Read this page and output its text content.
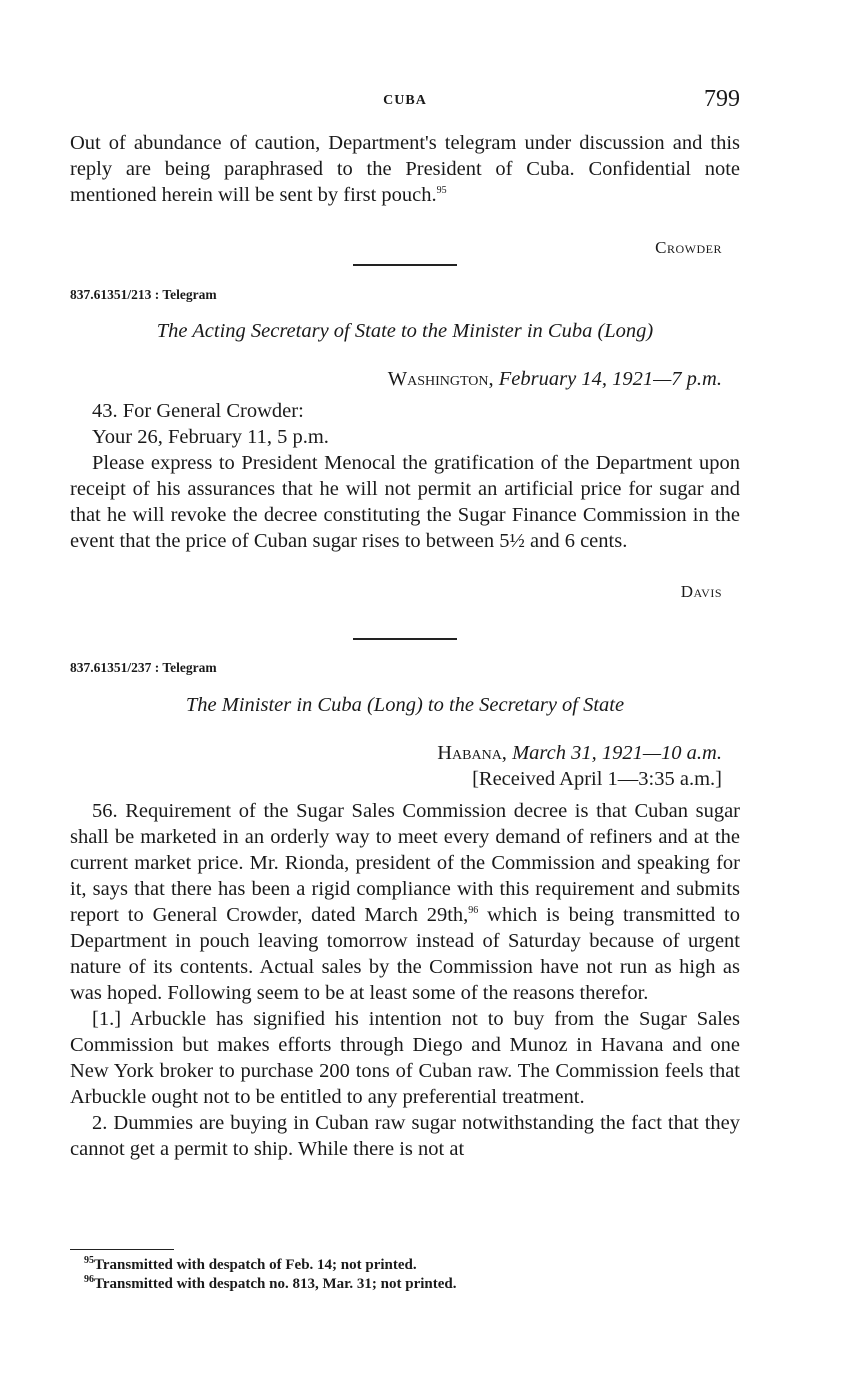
CUBA	799

Out of abundance of caution, Department's telegram under discussion and this reply are being paraphrased to the President of Cuba. Confidential note mentioned herein will be sent by first pouch.$^{95}$

Crowder
837.61351/213 : Telegram
The Acting Secretary of State to the Minister in Cuba (Long)
Washington, February 14, 1921—7 p.m.

43. For General Crowder:

Your 26, February 11, 5 p.m.

Please express to President Menocal the gratification of the Department upon receipt of his assurances that he will not permit an artificial price for sugar and that he will revoke the decree constituting the Sugar Finance Commission in the event that the price of Cuban sugar rises to between 5½ and 6 cents.

Davis
837.61351/237 : Telegram
The Minister in Cuba (Long) to the Secretary of State
Habana, March 31, 1921—10 a.m.
[Received April 1—3:35 a.m.]

56. Requirement of the Sugar Sales Commission decree is that Cuban sugar shall be marketed in an orderly way to meet every demand of refiners and at the current market price. Mr. Rionda, president of the Commission and speaking for it, says that there has been a rigid compliance with this requirement and submits report to General Crowder, dated March 29th,$^{96}$ which is being transmitted to Department in pouch leaving tomorrow instead of Saturday because of urgent nature of its contents. Actual sales by the Commission have not run as high as was hoped. Following seem to be at least some of the reasons therefor.

[1.] Arbuckle has signified his intention not to buy from the Sugar Sales Commission but makes efforts through Diego and Munoz in Havana and one New York broker to purchase 200 tons of Cuban raw. The Commission feels that Arbuckle ought not to be entitled to any preferential treatment.

2. Dummies are buying in Cuban raw sugar notwithstanding the fact that they cannot get a permit to ship. While there is not at

$^{95}$Transmitted with despatch of Feb. 14; not printed.
$^{96}$Transmitted with despatch no. 813, Mar. 31; not printed.
